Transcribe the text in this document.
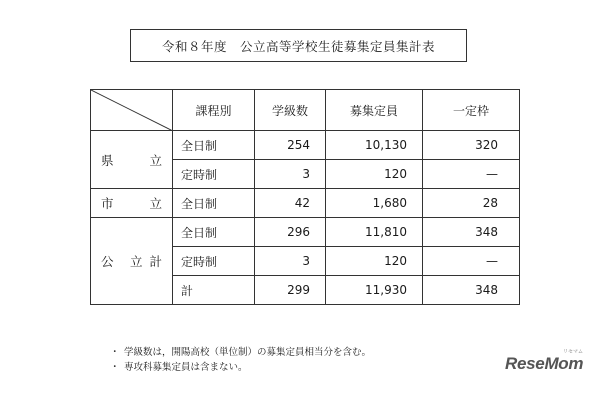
令和８年度　公立高等学校生徒募集定員集計表
	課程別	学級数	募集定員	一定枠

県 立	全日制	254	10,130	320
	定時制	3	120	—

市 立	全日制	42	1,680	28

公 立 計	全日制	296	11,810	348
	定時制	3	120	—
	計	299	11,930	348
・ 学級数は，開陽高校（単位制）の募集定員相当分を含む。
・ 専攻科募集定員は含まない。
リセマム
ReseMom
